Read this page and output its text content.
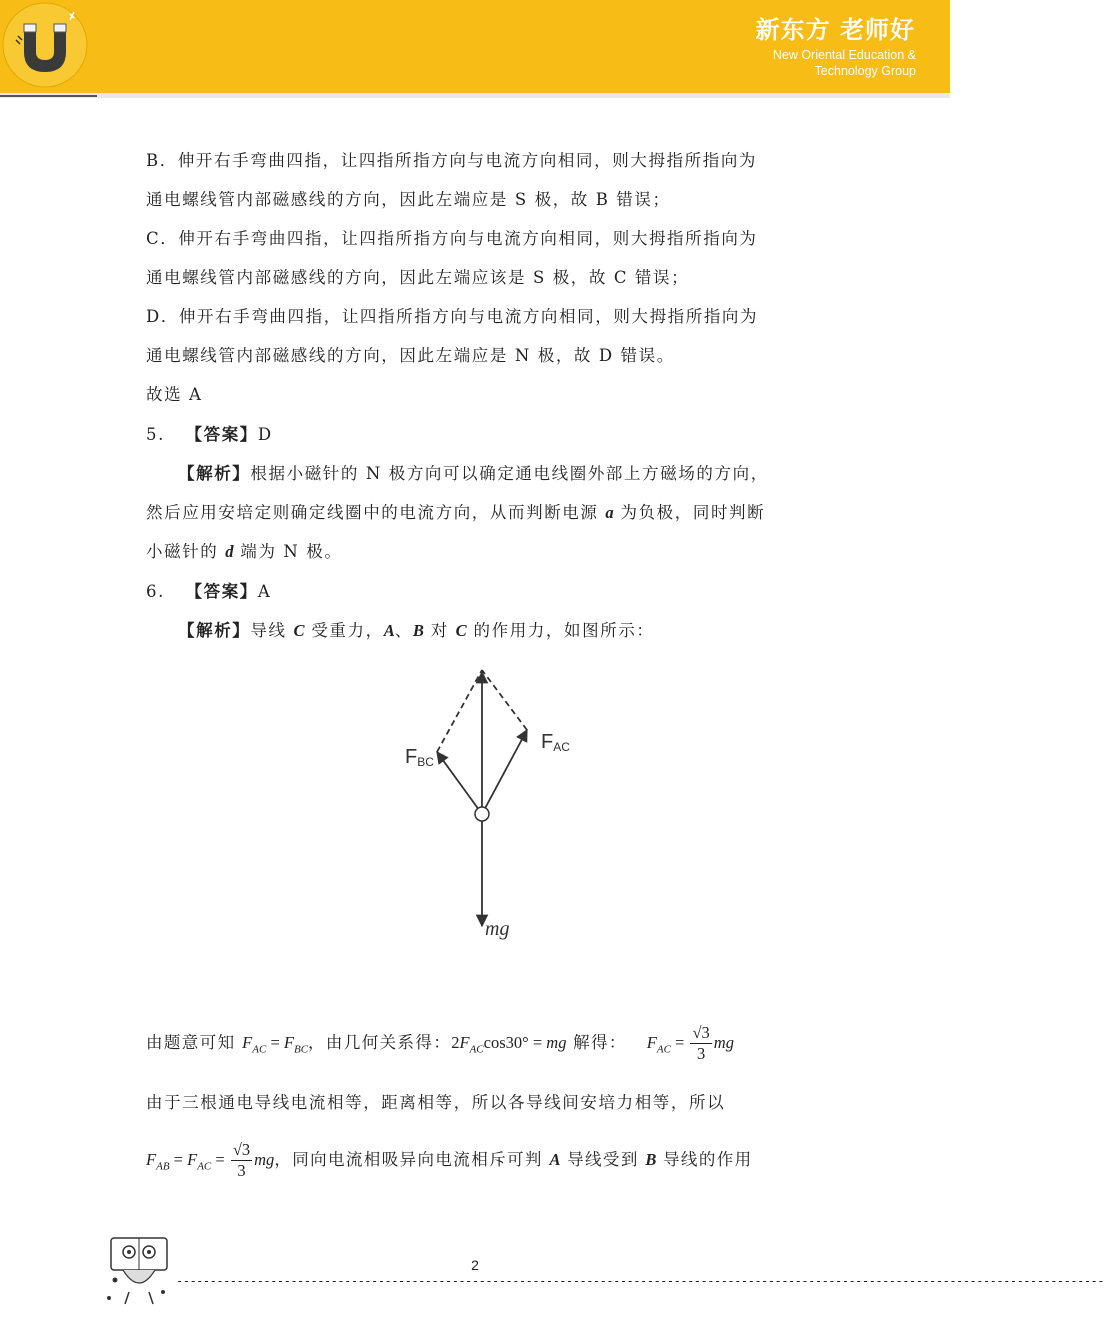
新东方 老师好
New Oriental Education &
Technology Group
B．伸开右手弯曲四指，让四指所指方向与电流方向相同，则大拇指所指向为
通电螺线管内部磁感线的方向，因此左端应是 S 极，故 B 错误；
C．伸开右手弯曲四指，让四指所指方向与电流方向相同，则大拇指所指向为
通电螺线管内部磁感线的方向，因此左端应该是 S 极，故 C 错误；
D．伸开右手弯曲四指，让四指所指方向与电流方向相同，则大拇指所指向为
通电螺线管内部磁感线的方向，因此左端应是 N 极，故 D 错误。
故选 A
5. 【答案】D
【解析】根据小磁针的 N 极方向可以确定通电线圈外部上方磁场的方向，
然后应用安培定则确定线圈中的电流方向，从而判断电源 a 为负极，同时判断
小磁针的 d 端为 N 极。
6. 【答案】A
【解析】导线 C 受重力，A、B 对 C 的作用力，如图所示：
FBC
FAC
mg
由题意可知 $F_{AC} = F_{BC}$，由几何关系得：$2F_{AC}\cos 30^\circ$ = mg 解得： $F_{AC} = \frac{√3}{3}$ mg
由于三根通电导线电流相等，距离相等，所以各导线间安培力相等，所以
$F_{AB} = F_{AC} = \frac{√3}{3}$ mg，同向电流相吸异向电流相斥可判 A 导线受到 B 导线的作用
2
------------------------------------------------------------------------------------------------------------------------------------------
